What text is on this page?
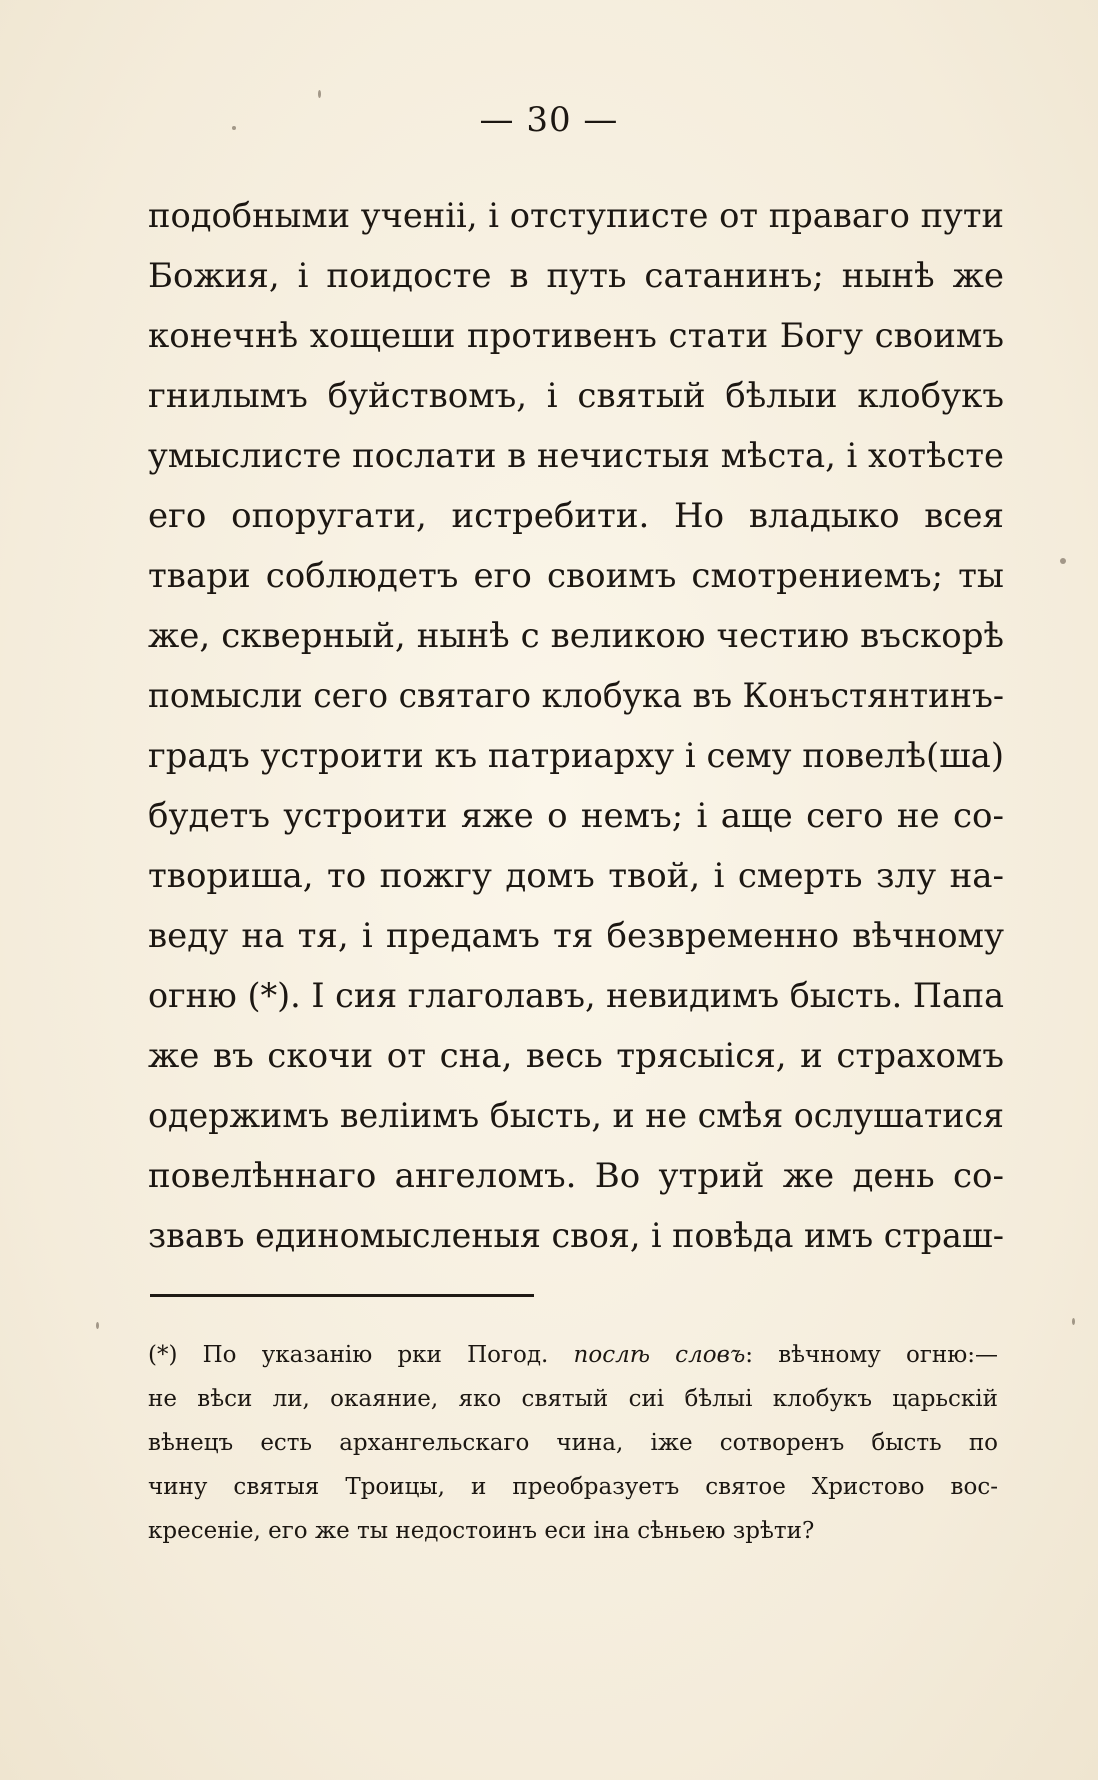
— 30 —
подобными ученiі, і отступисте от праваго пути
Божия, і поидосте в путь сатанинъ; нынѣ же
конечнѣ хощеши противенъ стати Богу своимъ
гнилымъ буйствомъ, і святый бѣлыи клобукъ
умыслисте послати в нечистыя мѣста, і хотѣсте
его опоругати, истребити. Но владыко всея
твари соблюдетъ его своимъ смотрениемъ; ты
же, скверный, нынѣ с великою честию въскорѣ
помысли сего святаго клобука въ Конъстянтинъ-
градъ устроити къ патриарху і сему повелѣ(ша)
будетъ устроити яже о немъ; і аще сего не со-
твориша, то пожгу домъ твой, і смерть злу на-
веду на тя, і предамъ тя безвременно вѣчному
огню (*). І сия глаголавъ, невидимъ бысть. Папа
же въ скочи от сна, весь трясыіся, и страхомъ
одержимъ веліимъ бысть, и не смѣя ослушатися
повелѣннаго ангеломъ. Во утрий же день со-
звавъ единомысленыя своя, і повѣда имъ страш-
(*) По указанію рки Погод. послѣ словъ: вѣчному огню:—
не вѣси ли, окаяние, яко святый сиі бѣлыі клобукъ царьскій
вѣнецъ есть архангельскаго чина, іже сотворенъ бысть по
чину святыя Троицы, и преобразуетъ святое Христово вос-
кресеніе, его же ты недостоинъ еси іна сѣньею зрѣти?
